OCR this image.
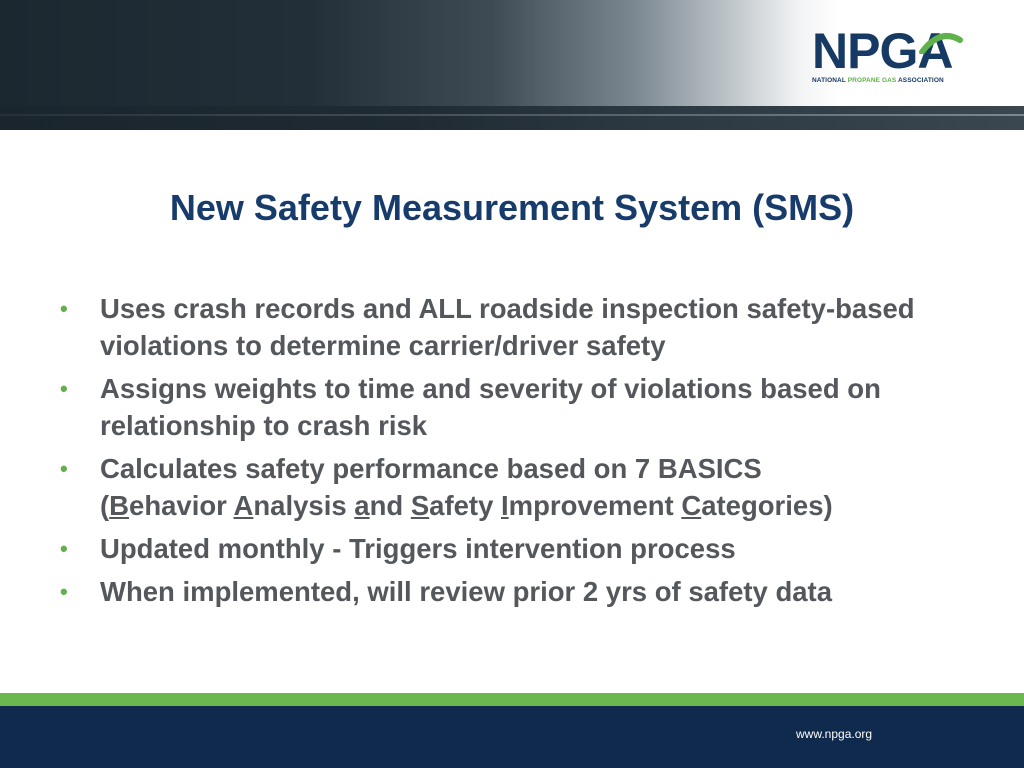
NPGA
NATIONAL PROPANE GAS ASSOCIATION
New Safety Measurement System (SMS)
• Uses crash records and ALL roadside inspection safety-based violations to determine carrier/driver safety
• Assigns weights to time and severity of violations based on relationship to crash risk
• Calculates safety performance based on 7 BASICS
(Behavior Analysis and Safety Improvement Categories)
• Updated monthly - Triggers intervention process
• When implemented, will review prior 2 yrs of safety data
www.npga.org
